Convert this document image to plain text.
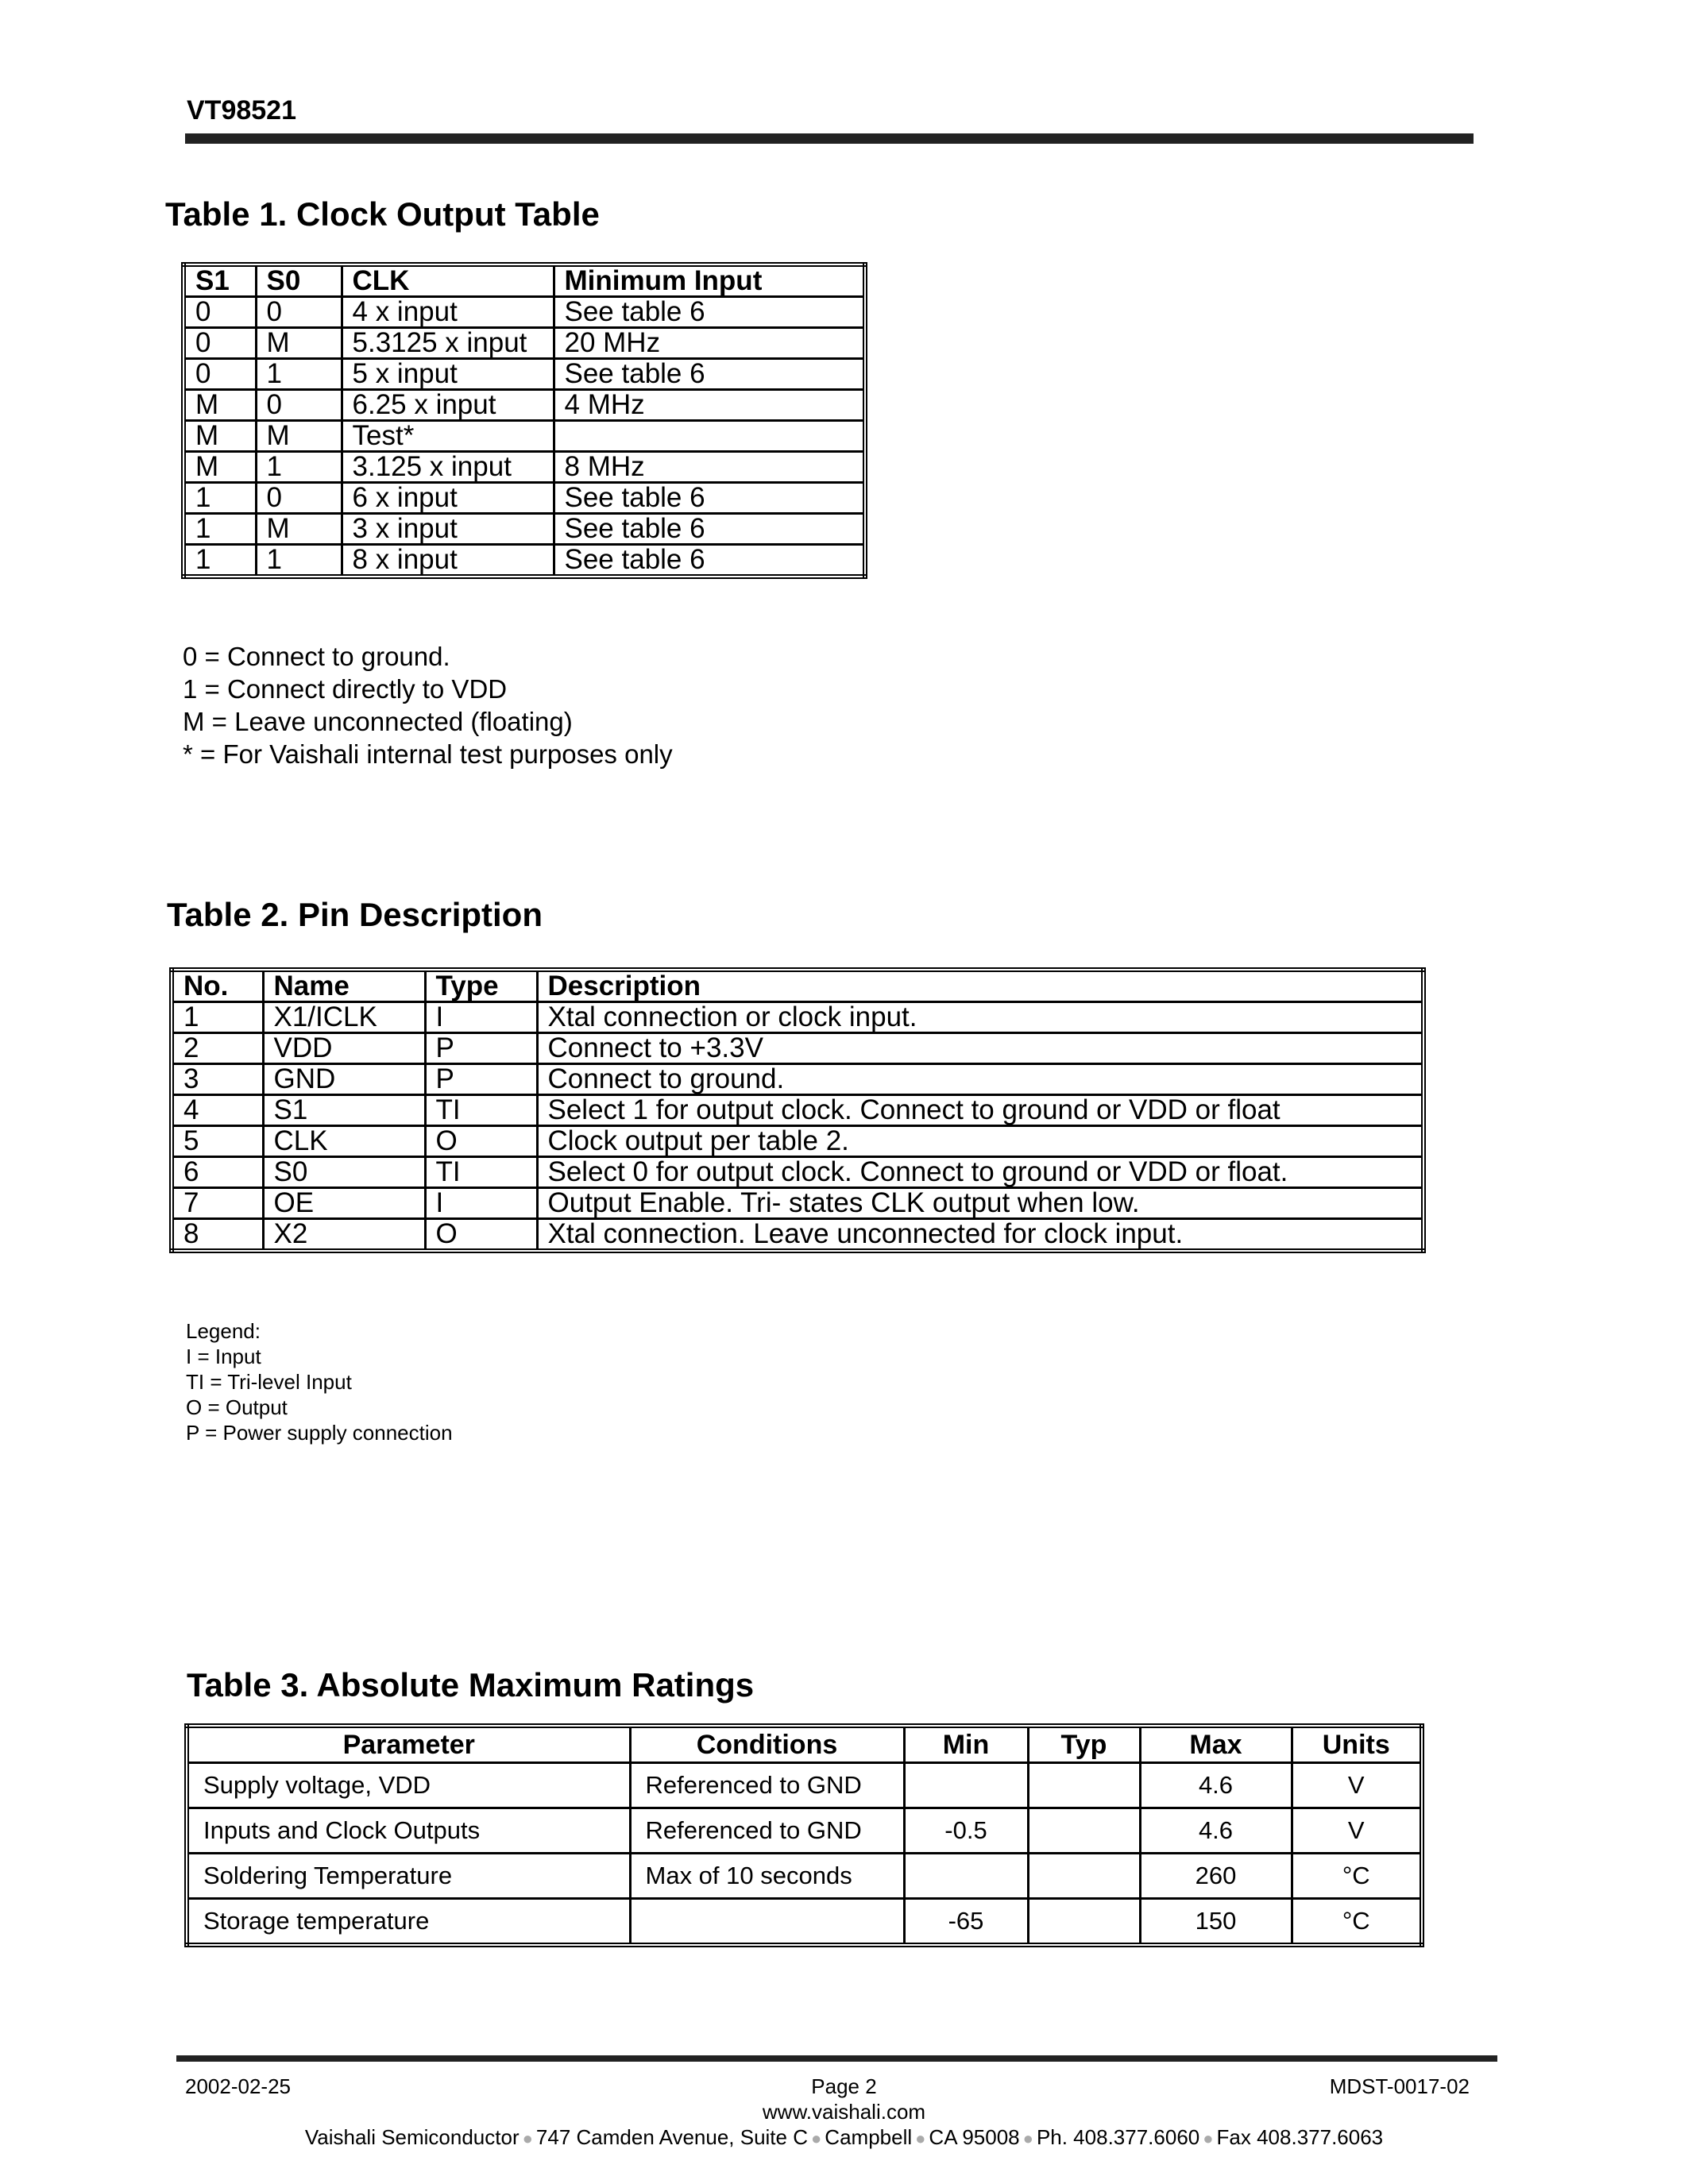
VT98521
Table 1. Clock Output Table
S1	S0	CLK	Minimum Input
0	0	4 x input	See table 6
0	M	5.3125 x input	20 MHz
0	1	5 x input	See table 6
M	0	6.25 x input	4 MHz
M	M	Test*	
M	1	3.125 x input	8 MHz
1	0	6 x input	See table 6
1	M	3 x input	See table 6
1	1	8 x input	See table 6
0 = Connect to ground.
1 = Connect directly to VDD
M = Leave unconnected (floating)
* = For Vaishali internal test purposes only
Table 2. Pin Description
No.	Name	Type	Description
1	X1/ICLK	I	Xtal connection or clock input.
2	VDD	P	Connect to +3.3V
3	GND	P	Connect to ground.
4	S1	TI	Select 1 for output clock. Connect to ground or VDD or float
5	CLK	O	Clock output per table 2.
6	S0	TI	Select 0 for output clock. Connect to ground or VDD or float.
7	OE	I	Output Enable. Tri- states CLK output when low.
8	X2	O	Xtal connection. Leave unconnected for clock input.
Legend:
I = Input
TI = Tri-level Input
O = Output
P = Power supply connection
Table 3. Absolute Maximum Ratings
Parameter	Conditions	Min	Typ	Max	Units
Supply voltage, VDD	Referenced to GND			4.6	V
Inputs and Clock Outputs	Referenced to GND	-0.5		4.6	V
Soldering Temperature	Max of 10 seconds			260	°C
Storage temperature		-65		150	°C
2002-02-25	Page 2	MDST-0017-02
www.vaishali.com
Vaishali Semiconductor ● 747 Camden Avenue, Suite C ● Campbell ● CA 95008 ● Ph. 408.377.6060 ● Fax 408.377.6063
